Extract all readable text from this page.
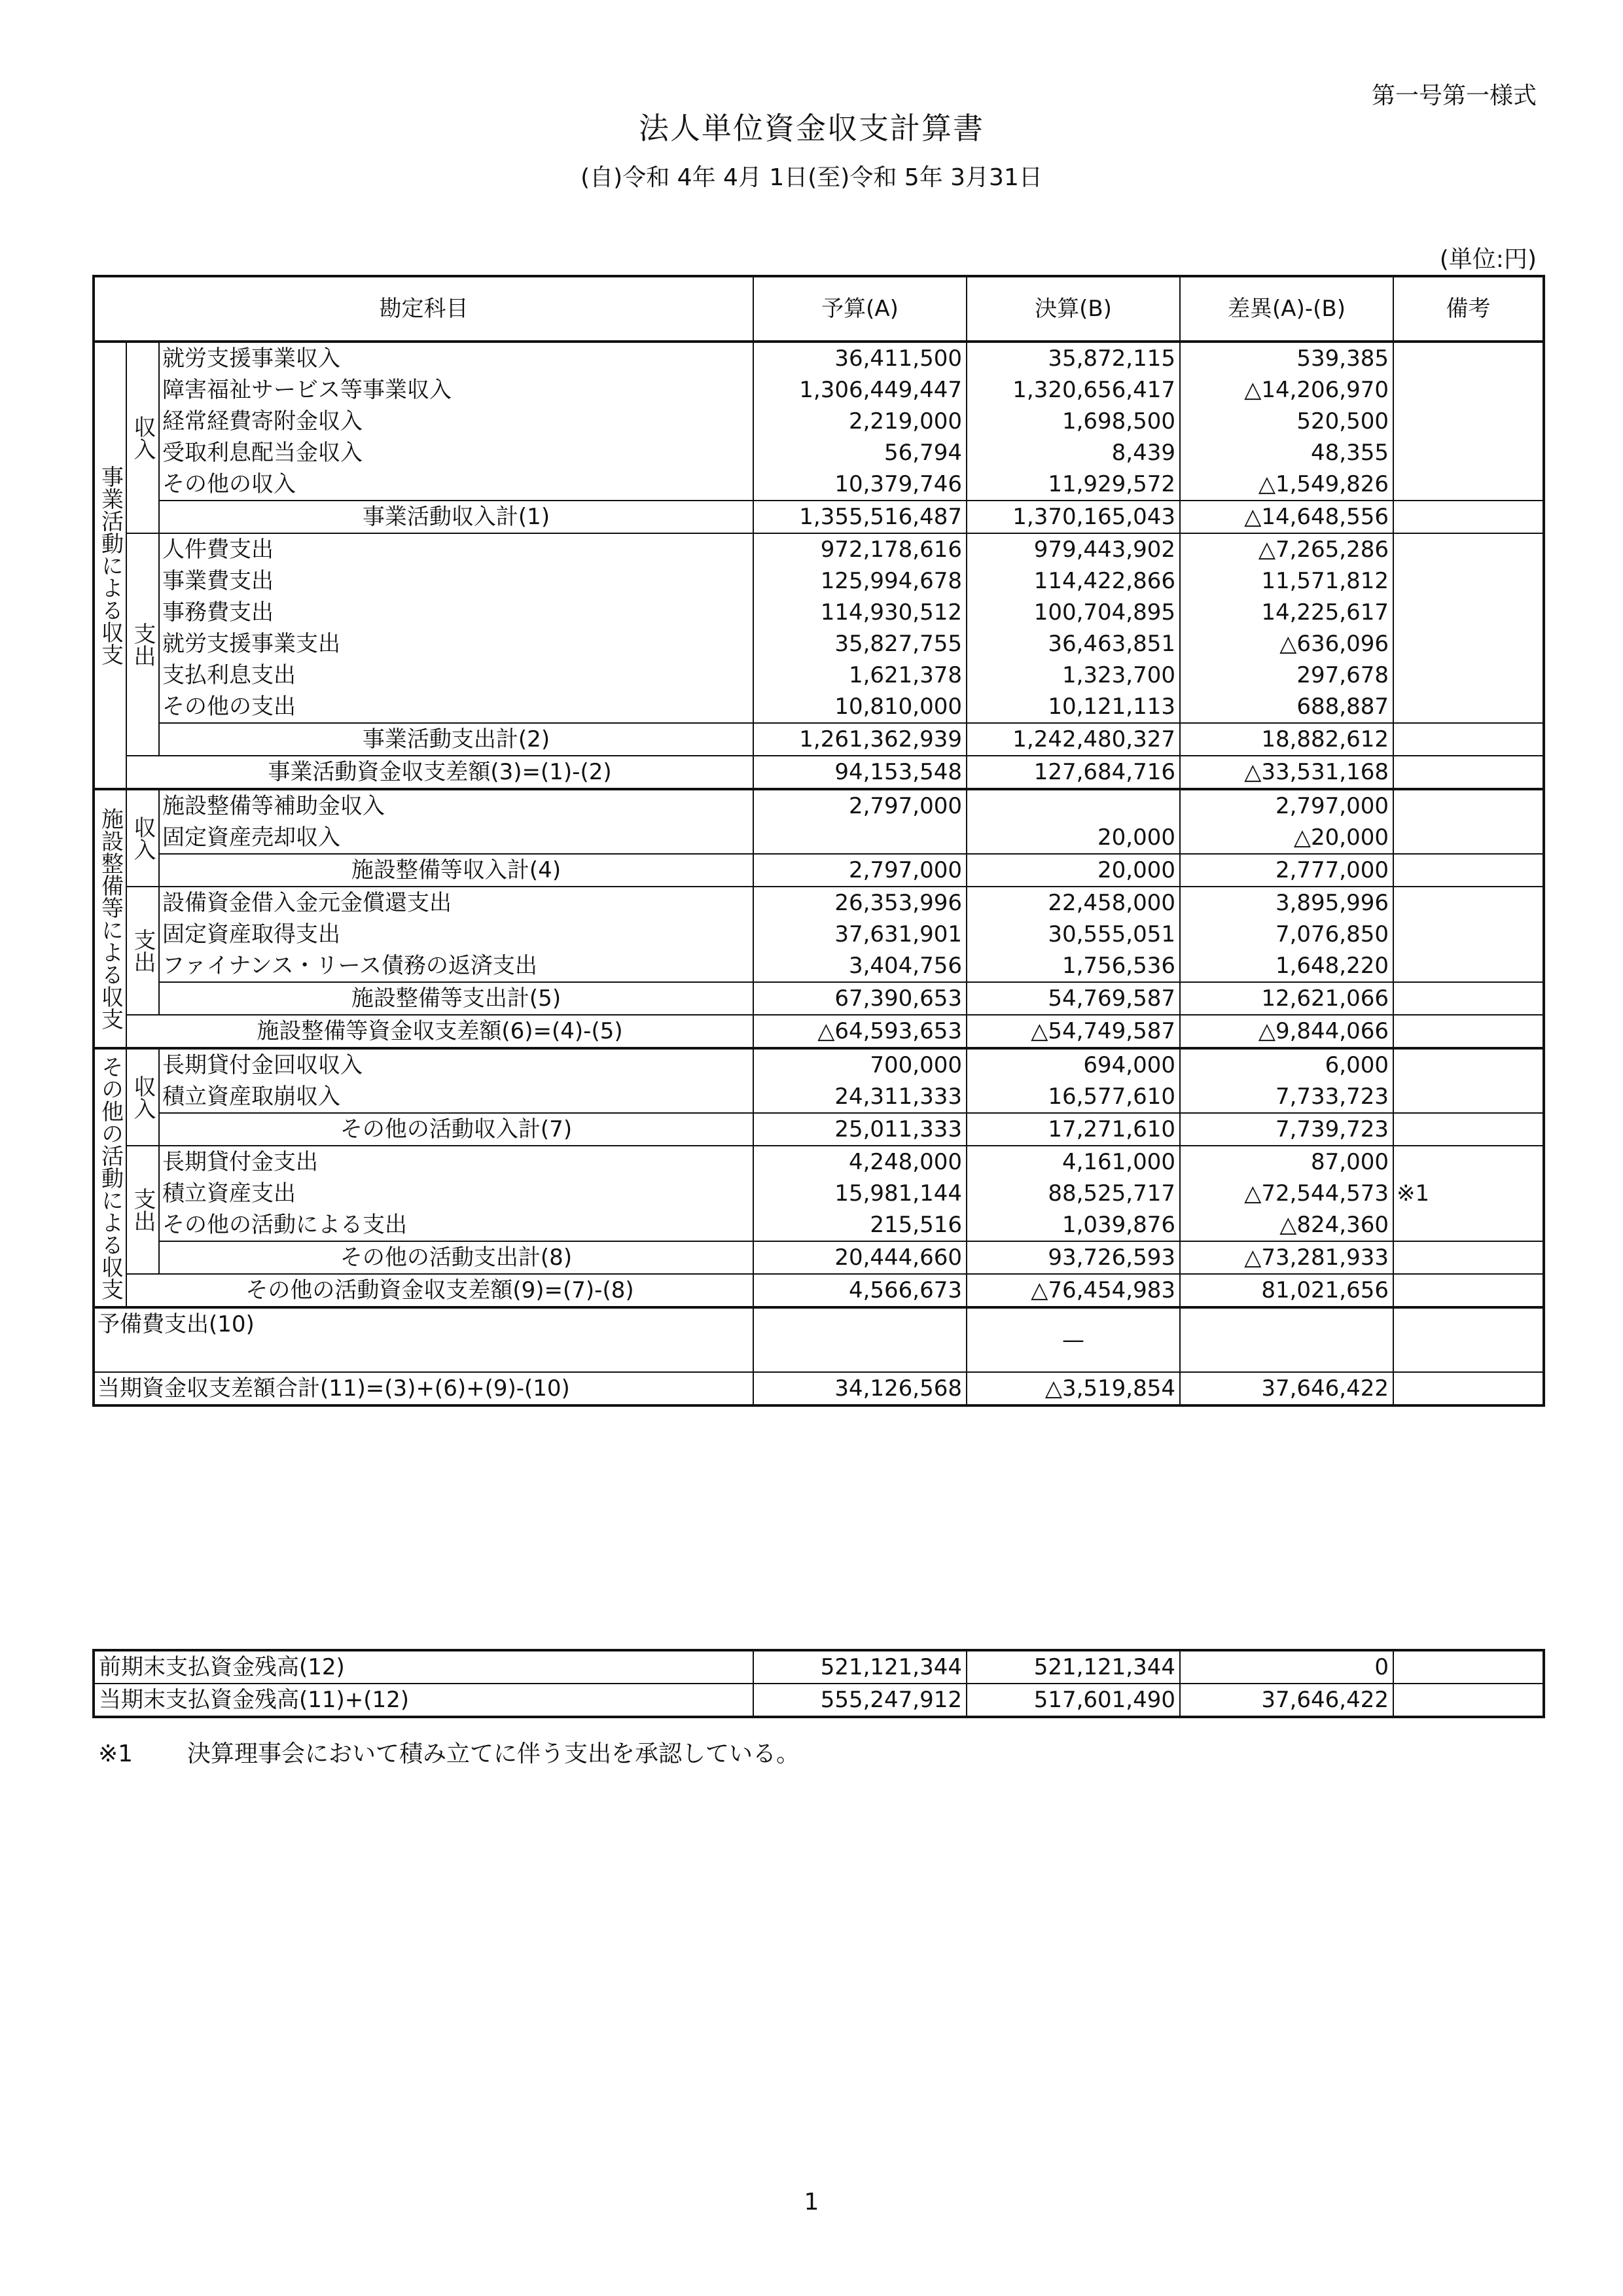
第一号第一様式
法人単位資金収支計算書
(自)令和 4年 4月 1日(至)令和 5年 3月31日
(単位:円)
勘定科目			予算(A)	決算(B)	差異(A)-(B)	備考
事業活動による収支	収入	就労支援事業収入	36,411,500	35,872,115	539,385	
		障害福祉サービス等事業収入	1,306,449,447	1,320,656,417	△14,206,970	
		経常経費寄附金収入	2,219,000	1,698,500	520,500	
		受取利息配当金収入	56,794	8,439	48,355	
		その他の収入	10,379,746	11,929,572	△1,549,826	
		事業活動収入計(1)	1,355,516,487	1,370,165,043	△14,648,556	
	支出	人件費支出	972,178,616	979,443,902	△7,265,286	
		事業費支出	125,994,678	114,422,866	11,571,812	
		事務費支出	114,930,512	100,704,895	14,225,617	
		就労支援事業支出	35,827,755	36,463,851	△636,096	
		支払利息支出	1,621,378	1,323,700	297,678	
		その他の支出	10,810,000	10,121,113	688,887	
		事業活動支出計(2)	1,261,362,939	1,242,480,327	18,882,612	
	事業活動資金収支差額(3)=(1)-(2)		94,153,548	127,684,716	△33,531,168	
施設整備等による収支	収入	施設整備等補助金収入	2,797,000		2,797,000	
		固定資産売却収入		20,000	△20,000	

		施設整備等収入計(4)	2,797,000	20,000	2,777,000	
	支出	設備資金借入金元金償還支出	26,353,996	22,458,000	3,895,996	
		固定資産取得支出	37,631,901	30,555,051	7,076,850	
		ファイナンス・リース債務の返済支出	3,404,756	1,756,536	1,648,220	

		施設整備等支出計(5)	67,390,653	54,769,587	12,621,066	
	施設整備等資金収支差額(6)=(4)-(5)		△64,593,653	△54,749,587	△9,844,066	
その他の活動による収支	収入	長期貸付金回収収入	700,000	694,000	6,000	
		積立資産取崩収入	24,311,333	16,577,610	7,733,723	

		その他の活動収入計(7)	25,011,333	17,271,610	7,739,723	
	支出	長期貸付金支出	4,248,000	4,161,000	87,000	
		積立資産支出	15,981,144	88,525,717	△72,544,573	※1
		その他の活動による支出	215,516	1,039,876	△824,360	

		その他の活動支出計(8)	20,444,660	93,726,593	△73,281,933	
	その他の活動資金収支差額(9)=(7)-(8)		4,566,673	△76,454,983	81,021,656	
予備費支出(10)				—		

当期資金収支差額合計(11)=(3)+(6)+(9)-(10)			34,126,568	△3,519,854	37,646,422	
前期末支払資金残高(12)	521,121,344	521,121,344	0	
当期末支払資金残高(11)+(12)	555,247,912	517,601,490	37,646,422	
※1 決算理事会において積み立てに伴う支出を承認している。
1
